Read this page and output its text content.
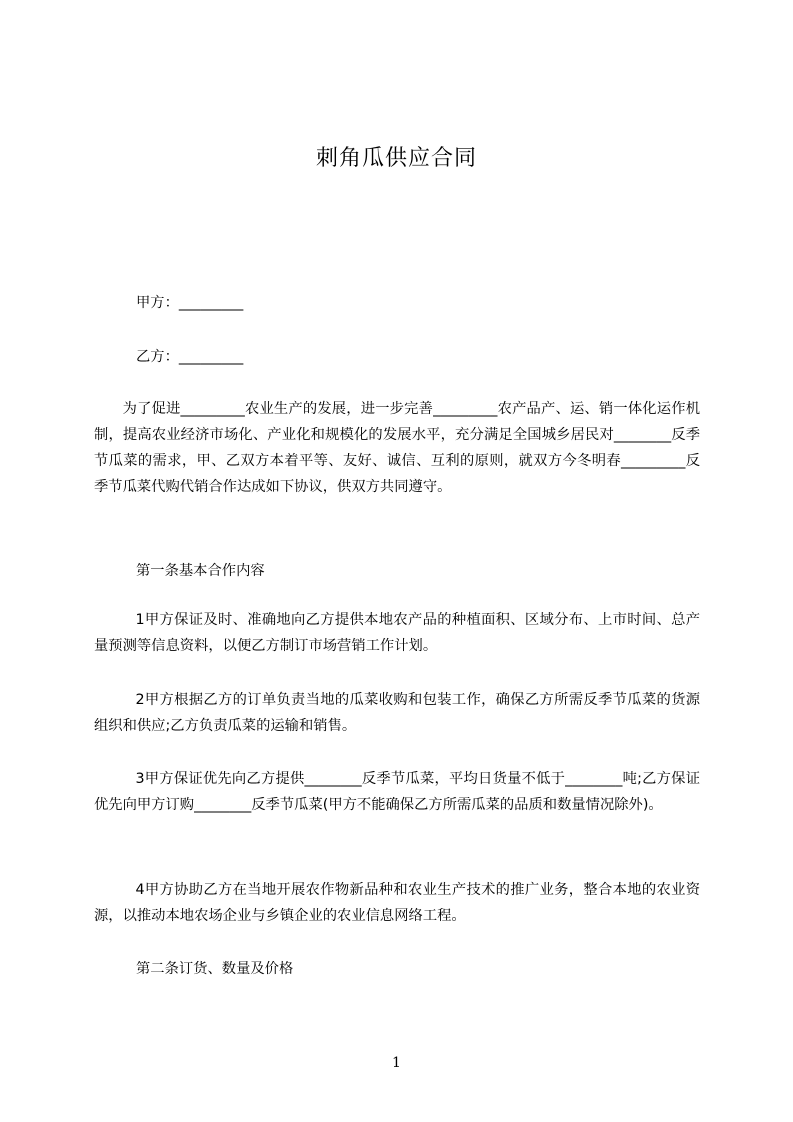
刺角瓜供应合同
甲方：_________
乙方：_________

为了促进_________农业生产的发展，进一步完善_________农产品产、运、销一体化运作机制，提高农业经济市场化、产业化和规模化的发展水平，充分满足全国城乡居民对________反季节瓜菜的需求，甲、乙双方本着平等、友好、诚信、互利的原则，就双方今冬明春_________反季节瓜菜代购代销合作达成如下协议，供双方共同遵守。

第一条基本合作内容

1甲方保证及时、准确地向乙方提供本地农产品的种植面积、区域分布、上市时间、总产量预测等信息资料，以便乙方制订市场营销工作计划。

2甲方根据乙方的订单负责当地的瓜菜收购和包装工作，确保乙方所需反季节瓜菜的货源组织和供应;乙方负责瓜菜的运输和销售。

3甲方保证优先向乙方提供________反季节瓜菜，平均日货量不低于________吨;乙方保证优先向甲方订购________反季节瓜菜(甲方不能确保乙方所需瓜菜的品质和数量情况除外)。

4甲方协助乙方在当地开展农作物新品种和农业生产技术的推广业务，整合本地的农业资源，以推动本地农场企业与乡镇企业的农业信息网络工程。

第二条订货、数量及价格
1
